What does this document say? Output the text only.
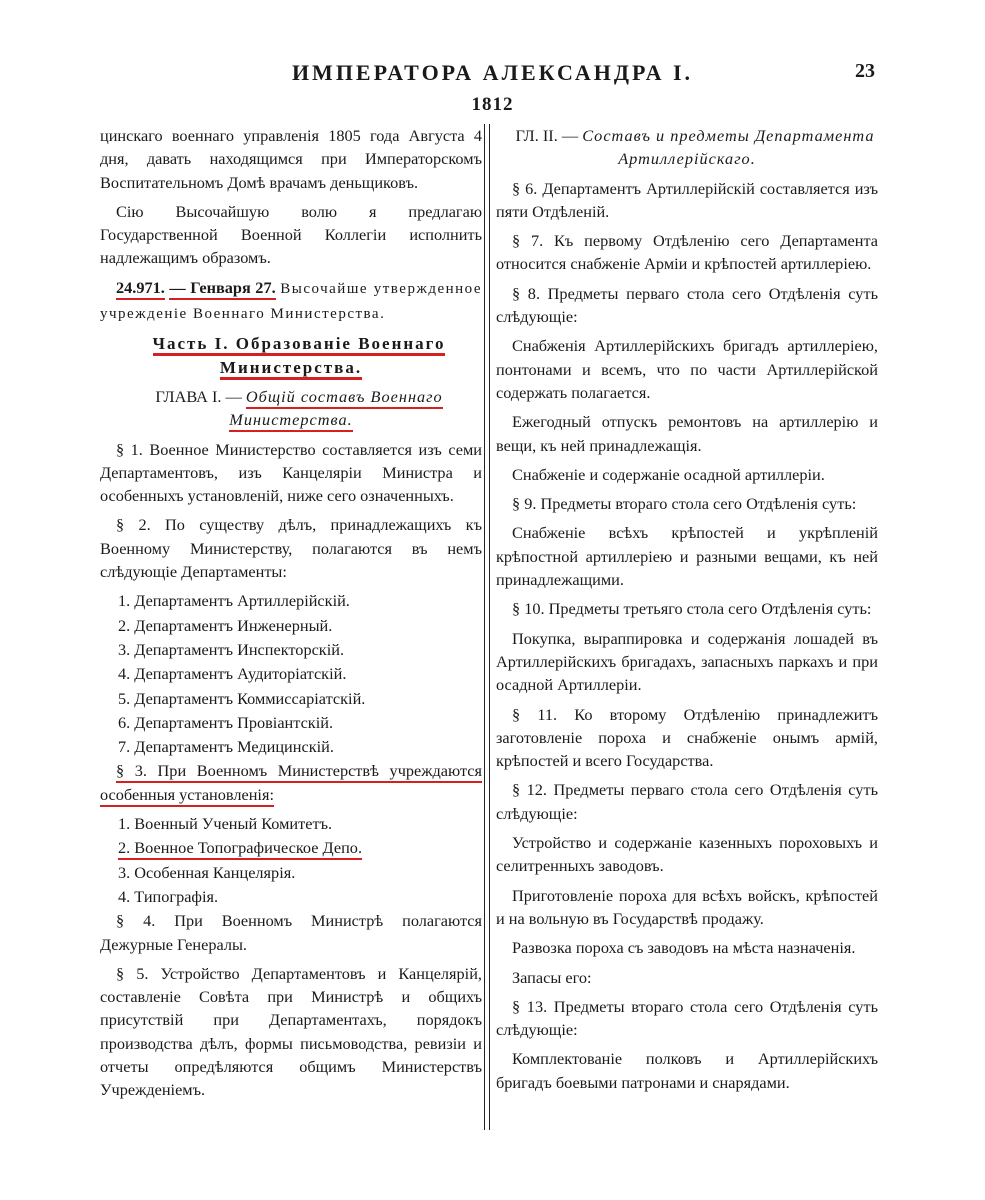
ИМПЕРАТОРА АЛЕКСАНДРА I.	23
1812

цинскаго военнаго управленія 1805 года Августа 4 дня, давать находящимся при Императорскомъ Воспитательномъ Домѣ врачамъ деньщиковъ.

Сію Высочайшую волю я предлагаю Государственной Военной Коллегіи исполнить надлежащимъ образомъ.

24.971. — Генваря 27. Высочайше утвержденное учрежденіе Военнаго Министерства.

Часть I. Образованіе Военнаго
Министерства.

ГЛАВА I. — Общій составъ Военнаго
Министерства.

§ 1. Военное Министерство составляется изъ семи Департаментовъ, изъ Канцеляріи Министра и особенныхъ установленій, ниже сего означенныхъ.

§ 2. По существу дѣлъ, принадлежащихъ къ Военному Министерству, полагаются въ немъ слѣдующіе Департаменты:

1. Департаментъ Артиллерійскій.

2. Департаментъ Инженерный.

3. Департаментъ Инспекторскій.

4. Департаментъ Аудиторіатскій.

5. Департаментъ Коммиссаріатскій.

6. Департаментъ Провіантскій.

7. Департаментъ Медицинскій.

§ 3. При Военномъ Министерствѣ учреждаются особенныя установленія:

1. Военный Ученый Комитетъ.

2. Военное Топографическое Депо.

3. Особенная Канцелярія.

4. Типографія.

§ 4. При Военномъ Министрѣ полагаются Дежурные Генералы.

§ 5. Устройство Департаментовъ и Канцелярій, составленіе Совѣта при Министрѣ и общихъ присутствій при Департаментахъ, порядокъ производства дѣлъ, формы письмоводства, ревизіи и отчеты опредѣляются общимъ Министерствъ Учрежденіемъ.

ГЛ. II. — Составъ и предметы Департамента Артиллерійскаго.

§ 6. Департаментъ Артиллерійскій составляется изъ пяти Отдѣленій.

§ 7. Къ первому Отдѣленію сего Департамента относится снабженіе Арміи и крѣпостей артиллеріею.

§ 8. Предметы перваго стола сего Отдѣленія суть слѣдующіе:

Снабженія Артиллерійскихъ бригадъ артиллеріею, понтонами и всемъ, что по части Артиллерійской содержать полагается.

Ежегодный отпускъ ремонтовъ на артиллерію и вещи, къ ней принадлежащія.

Снабженіе и содержаніе осадной артиллеріи.

§ 9. Предметы втораго стола сего Отдѣленія суть:

Снабженіе всѣхъ крѣпостей и укрѣпленій крѣпостной артиллеріею и разными вещами, къ ней принадлежащими.

§ 10. Предметы третьяго стола сего Отдѣленія суть:

Покупка, выраппировка и содержанія лошадей въ Артиллерійскихъ бригадахъ, запасныхъ паркахъ и при осадной Артиллеріи.

§ 11. Ко второму Отдѣленію принадлежитъ заготовленіе пороха и снабженіе онымъ армій, крѣпостей и всего Государства.

§ 12. Предметы перваго стола сего Отдѣленія суть слѣдующіе:

Устройство и содержаніе казенныхъ пороховыхъ и селитренныхъ заводовъ.

Приготовленіе пороха для всѣхъ войскъ, крѣпостей и на вольную въ Государствѣ продажу.

Развозка пороха съ заводовъ на мѣста назначенія.

Запасы его:

§ 13. Предметы втораго стола сего Отдѣленія суть слѣдующіе:

Комплектованіе полковъ и Артиллерійскихъ бригадъ боевыми патронами и снарядами.
